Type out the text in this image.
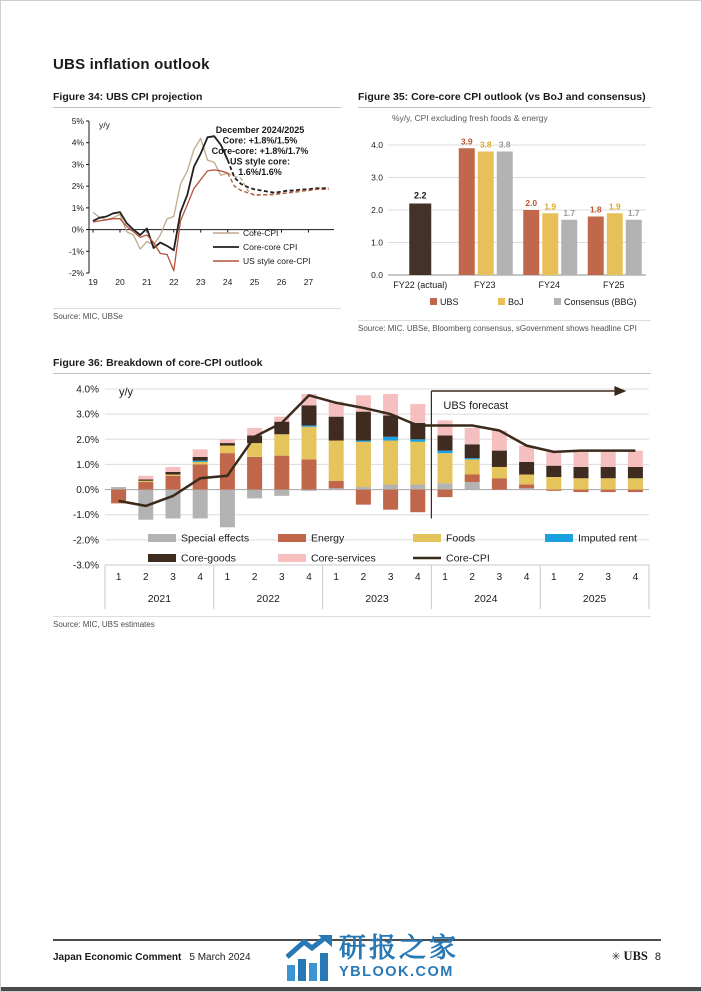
UBS inflation outlook
Figure 34: UBS CPI projection
5%
4%
3%
2%
1%
0%
-1%
-2%
19 20 21 22 23 24 25 26 27
y/y	December 2024/2025
Core: +1.8%/1.5%
Core-core: +1.8%/1.7%
US style core:
1.6%/1.6%
Core-CPI
Core-core CPI
US style core-CPI
Source: MIC, UBSe
Figure 35: Core-core CPI outlook (vs BoJ and consensus)
%y/y, CPI excluding fresh foods & energy
0.0
1.0
2.0
3.0
4.0
2.2
FY22 (actual)
3.9 3.8 3.8
FY23
2.0 1.9
1.7
FY24
1.8 1.9
1.7
FY25
UBS	BoJ	Consensus (BBG)
Source: MIC. UBSe, Bloomberg consensus, sGovernment shows headline CPI
Figure 36: Breakdown of core-CPI outlook
4.0%
3.0%
2.0%
1.0%
0.0%
-1.0%
-2.0%
-3.0%
y/y
UBS forecast
Special effects	Energy	Foods	Imputed rent
Core-goods	Core-services	Core-CPI
1 2 3 4 1 2 3 4 1 2 3 4 1 2 3 4 1 2 3 4
2021	2022	2023	2024	2025
Source: MIC, UBS estimates
Japan Economic Comment 5 March 2024	✳ UBS 8
研报之家
YBLOOK.COM
